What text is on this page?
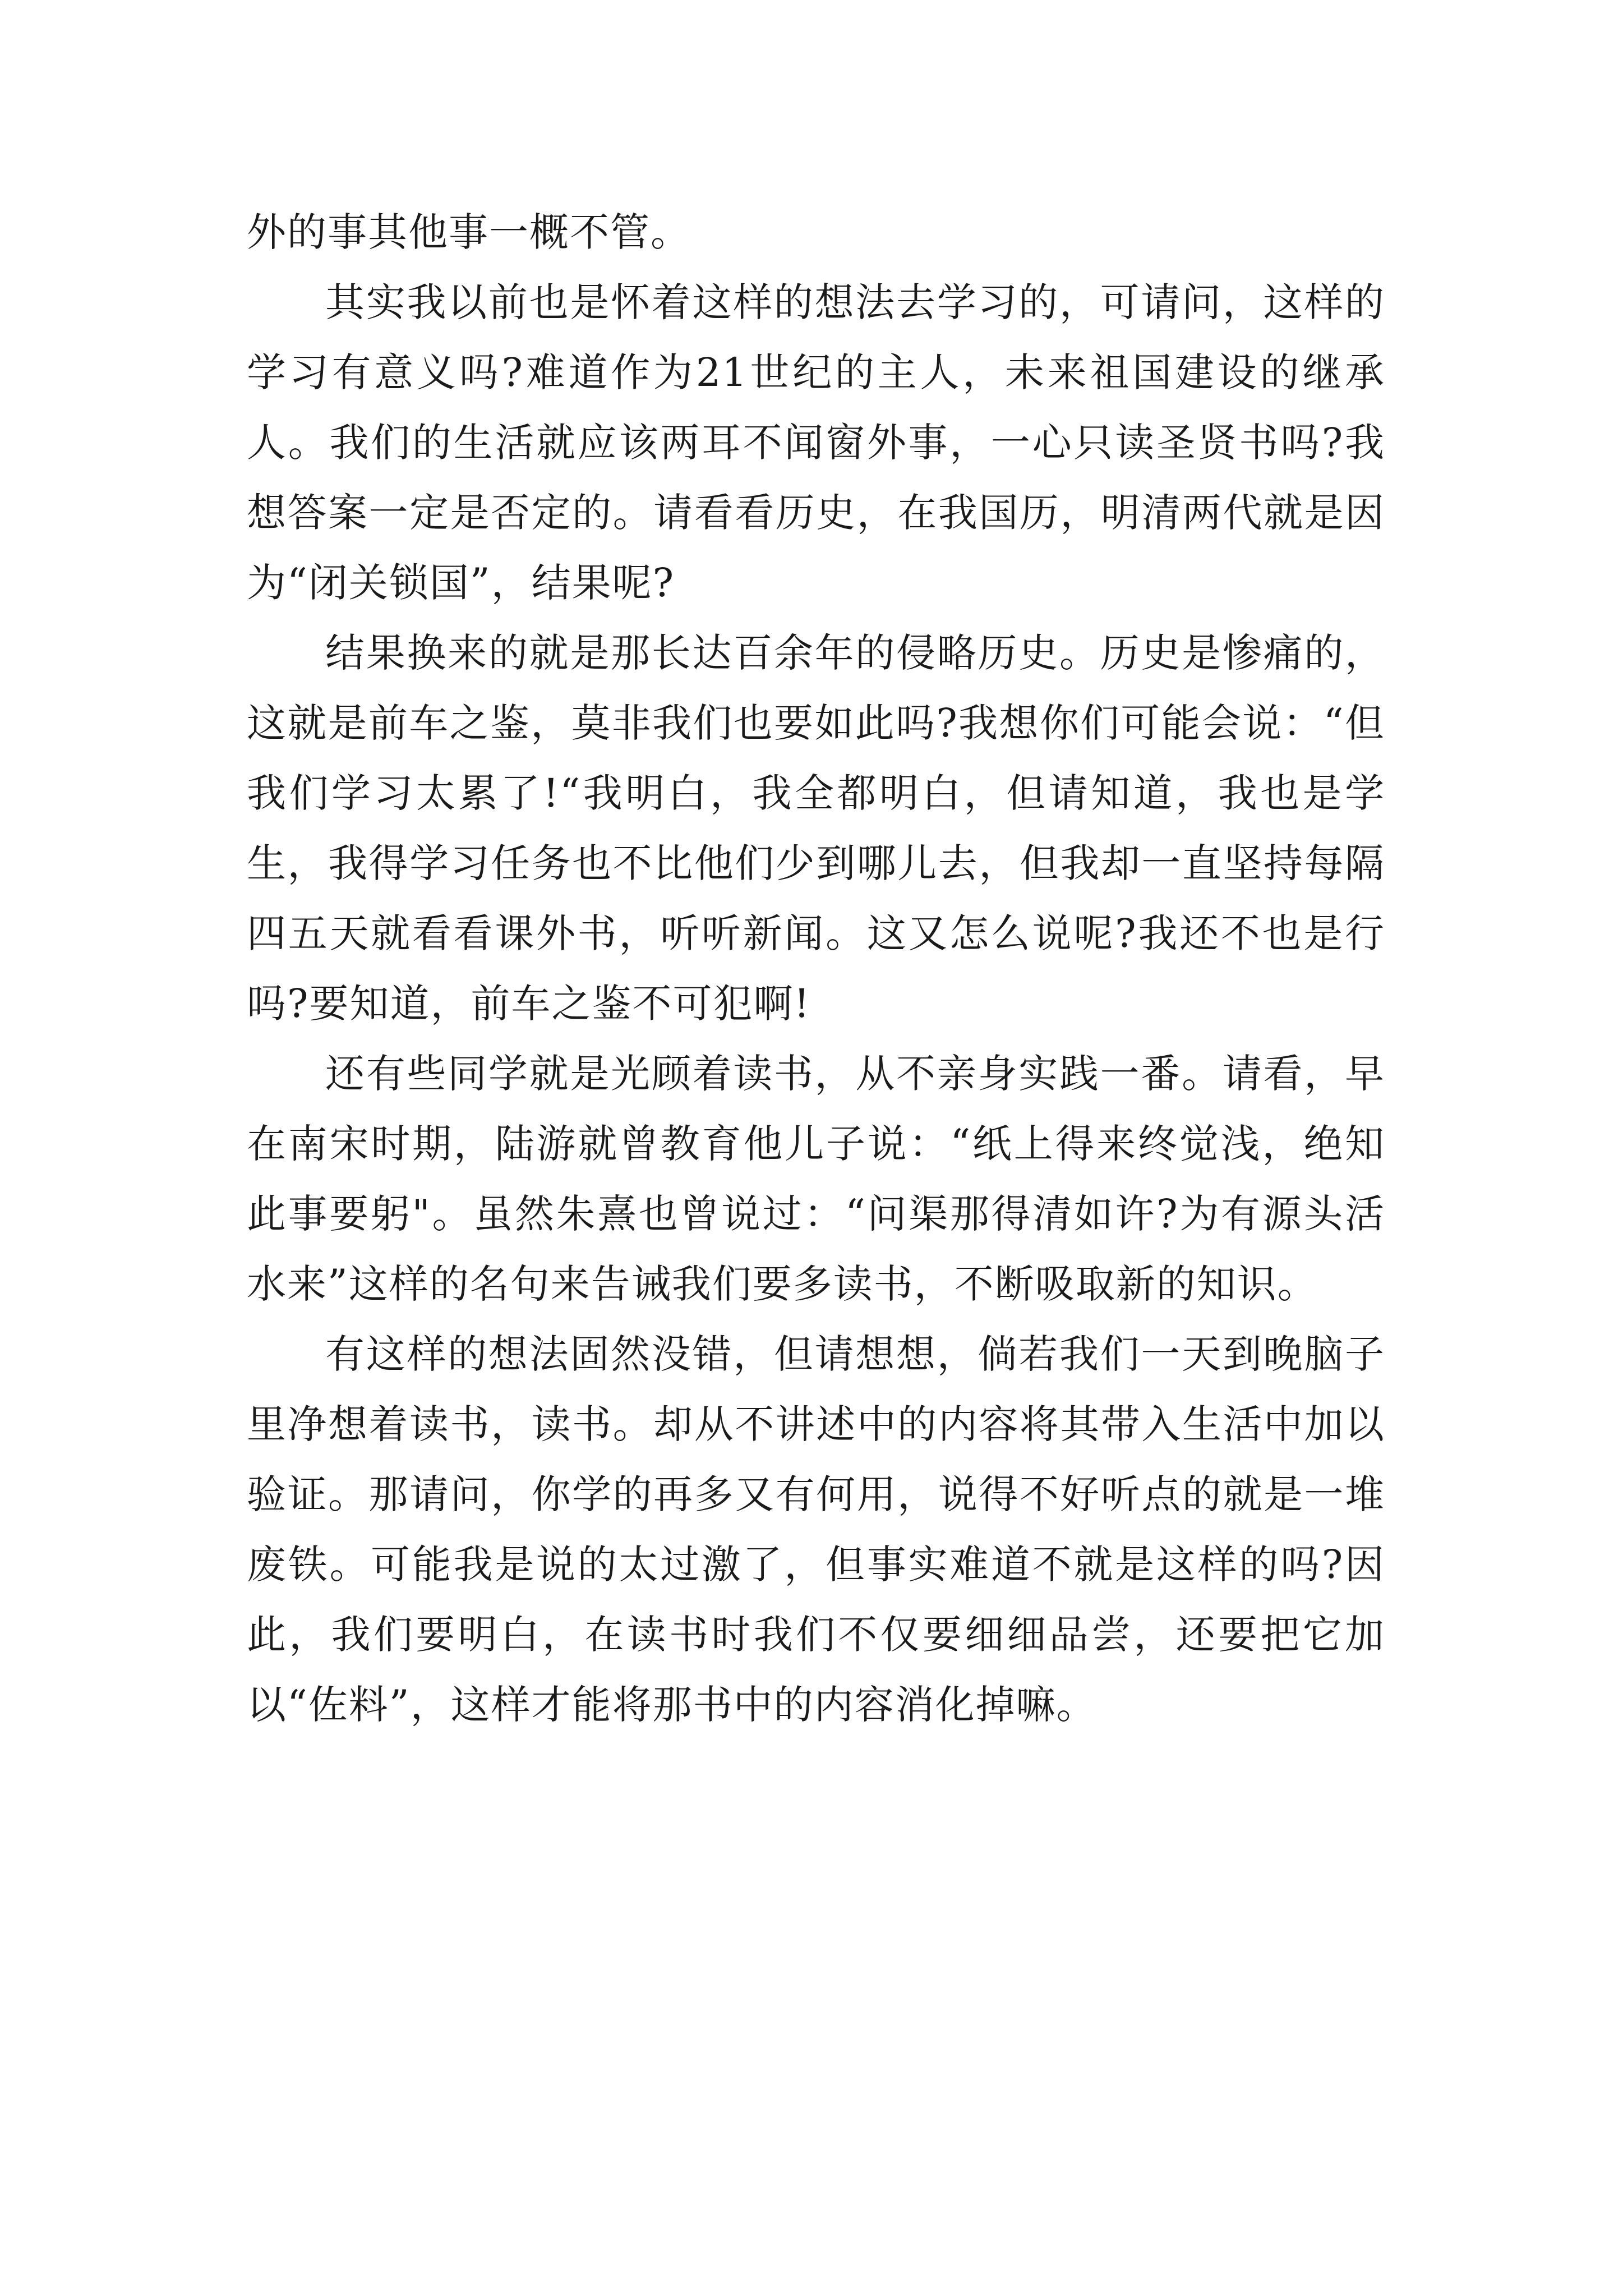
外的事其他事一概不管。

其实我以前也是怀着这样的想法去学习的，可请问，这样的学习有意义吗?难道作为21世纪的主人，未来祖国建设的继承人。我们的生活就应该两耳不闻窗外事，一心只读圣贤书吗?我想答案一定是否定的。请看看历史，在我国历，明清两代就是因为“闭关锁国”，结果呢?

结果换来的就是那长达百余年的侵略历史。历史是惨痛的，这就是前车之鉴，莫非我们也要如此吗?我想你们可能会说：“但我们学习太累了!“我明白，我全都明白，但请知道，我也是学生，我得学习任务也不比他们少到哪儿去，但我却一直坚持每隔四五天就看看课外书，听听新闻。这又怎么说呢?我还不也是行吗?要知道，前车之鉴不可犯啊!

还有些同学就是光顾着读书，从不亲身实践一番。请看，早在南宋时期，陆游就曾教育他儿子说：“纸上得来终觉浅，绝知此事要躬"。虽然朱熹也曾说过：“问渠那得清如许?为有源头活水来”这样的名句来告诫我们要多读书，不断吸取新的知识。

有这样的想法固然没错，但请想想，倘若我们一天到晚脑子里净想着读书，读书。却从不讲述中的内容将其带入生活中加以验证。那请问，你学的再多又有何用，说得不好听点的就是一堆废铁。可能我是说的太过激了，但事实难道不就是这样的吗?因此，我们要明白，在读书时我们不仅要细细品尝，还要把它加以“佐料”，这样才能将那书中的内容消化掉嘛。
